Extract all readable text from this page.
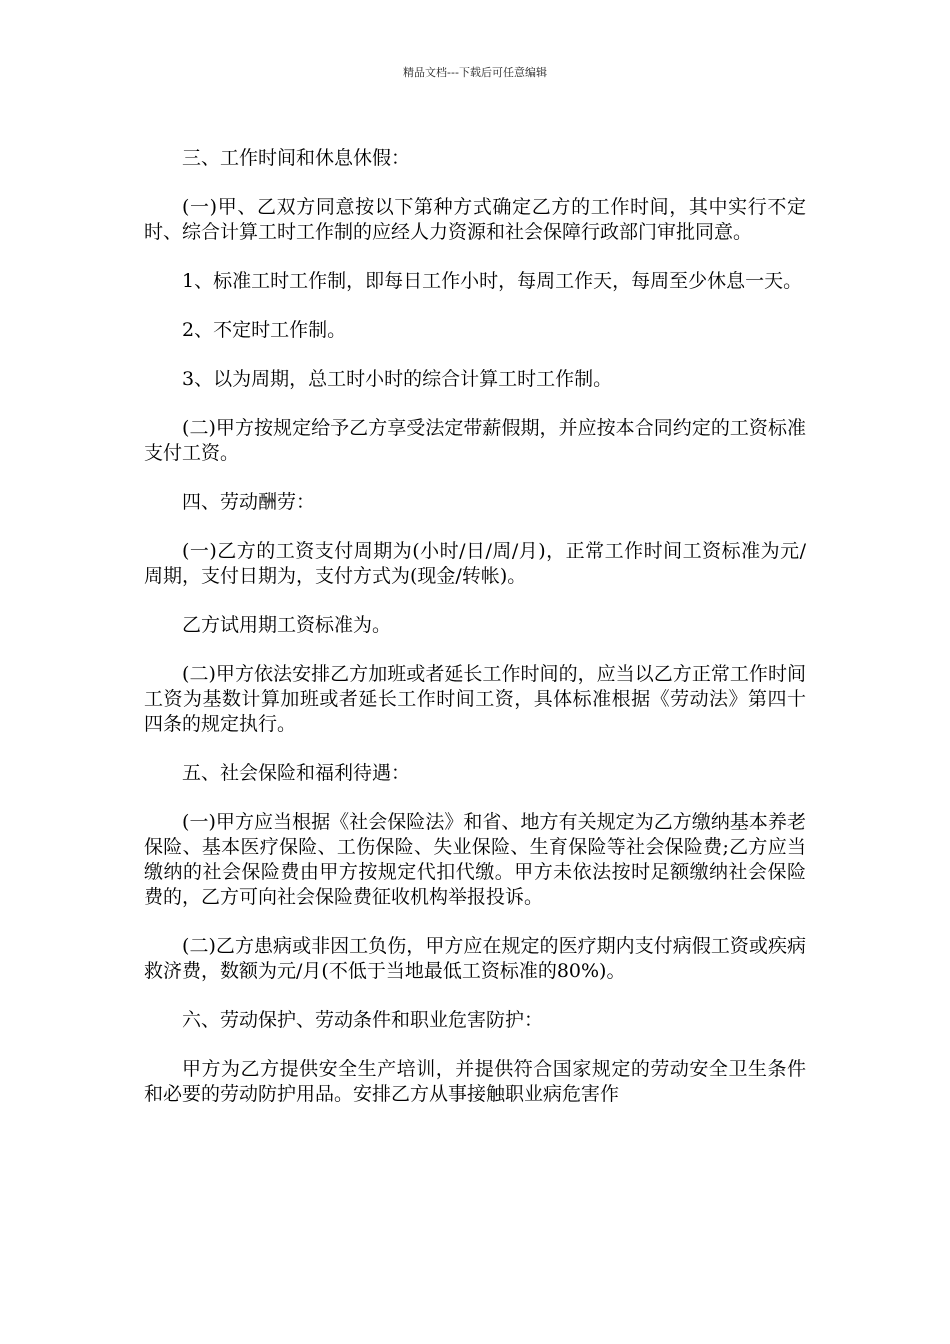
精品文档---下载后可任意编辑

三、工作时间和休息休假：

(一)甲、乙双方同意按以下第种方式确定乙方的工作时间，其中实行不定时、综合计算工时工作制的应经人力资源和社会保障行政部门审批同意。

1、标准工时工作制，即每日工作小时，每周工作天，每周至少休息一天。

2、不定时工作制。

3、以为周期，总工时小时的综合计算工时工作制。

(二)甲方按规定给予乙方享受法定带薪假期，并应按本合同约定的工资标准支付工资。

四、劳动酬劳：

(一)乙方的工资支付周期为(小时/日/周/月)，正常工作时间工资标准为元/周期，支付日期为，支付方式为(现金/转帐)。

乙方试用期工资标准为。

(二)甲方依法安排乙方加班或者延长工作时间的，应当以乙方正常工作时间工资为基数计算加班或者延长工作时间工资，具体标准根据《劳动法》第四十四条的规定执行。

五、社会保险和福利待遇：

(一)甲方应当根据《社会保险法》和省、地方有关规定为乙方缴纳基本养老保险、基本医疗保险、工伤保险、失业保险、生育保险等社会保险费;乙方应当缴纳的社会保险费由甲方按规定代扣代缴。甲方未依法按时足额缴纳社会保险费的，乙方可向社会保险费征收机构举报投诉。

(二)乙方患病或非因工负伤，甲方应在规定的医疗期内支付病假工资或疾病救济费，数额为元/月(不低于当地最低工资标准的80%)。

六、劳动保护、劳动条件和职业危害防护：

甲方为乙方提供安全生产培训，并提供符合国家规定的劳动安全卫生条件和必要的劳动防护用品。安排乙方从事接触职业病危害作
